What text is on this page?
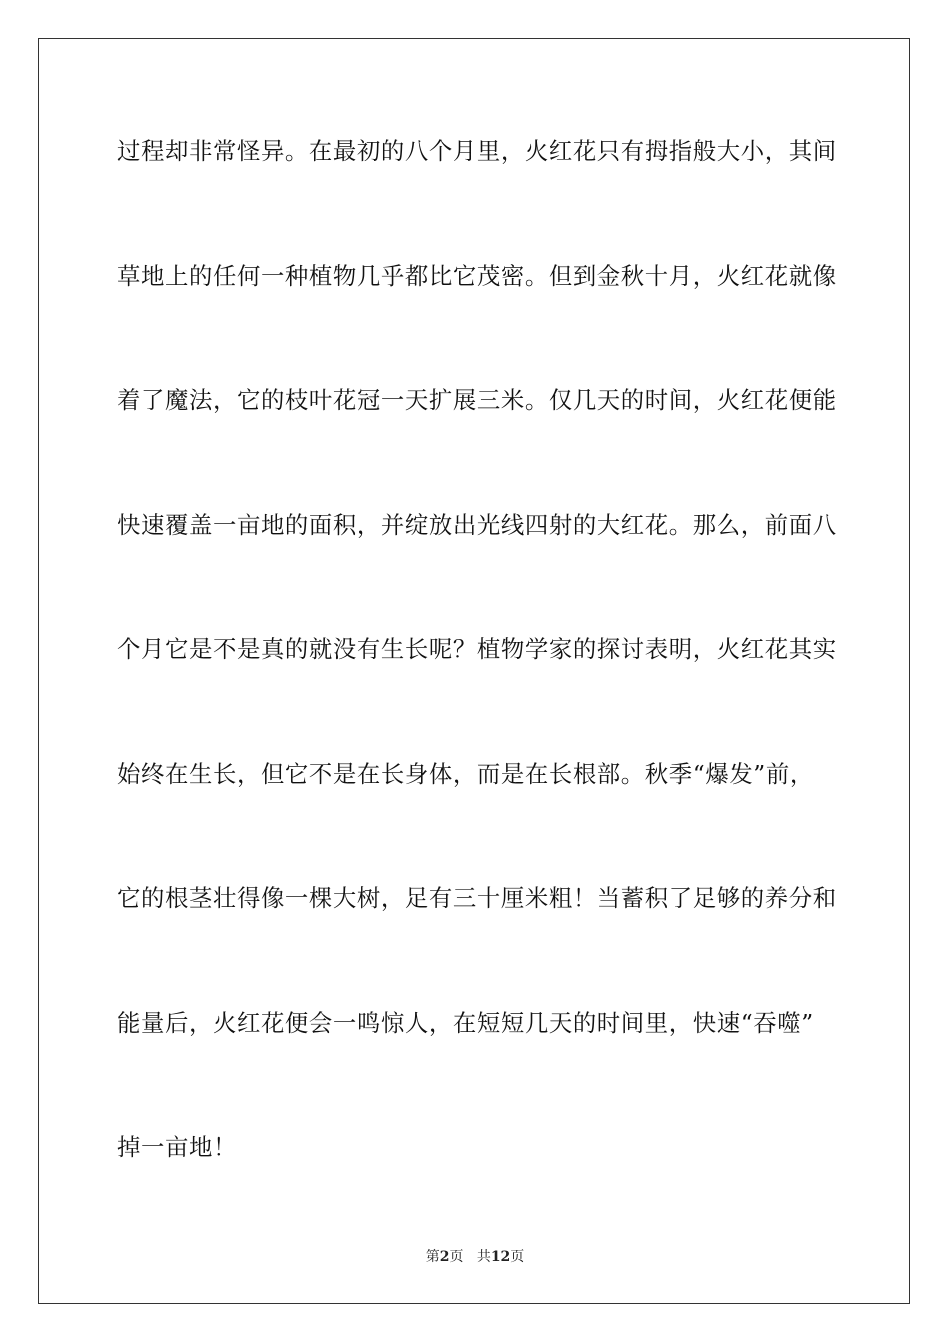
过程却非常怪异。在最初的八个月里，火红花只有拇指般大小，其间
草地上的任何一种植物几乎都比它茂密。但到金秋十月，火红花就像
着了魔法，它的枝叶花冠一天扩展三米。仅几天的时间，火红花便能
快速覆盖一亩地的面积，并绽放出光线四射的大红花。那么，前面八
个月它是不是真的就没有生长呢？植物学家的探讨表明，火红花其实
始终在生长，但它不是在长身体，而是在长根部。秋季“爆发”前，
它的根茎壮得像一棵大树，足有三十厘米粗！当蓄积了足够的养分和
能量后，火红花便会一鸣惊人，在短短几天的时间里，快速“吞噬”
掉一亩地！
第2页 共12页
